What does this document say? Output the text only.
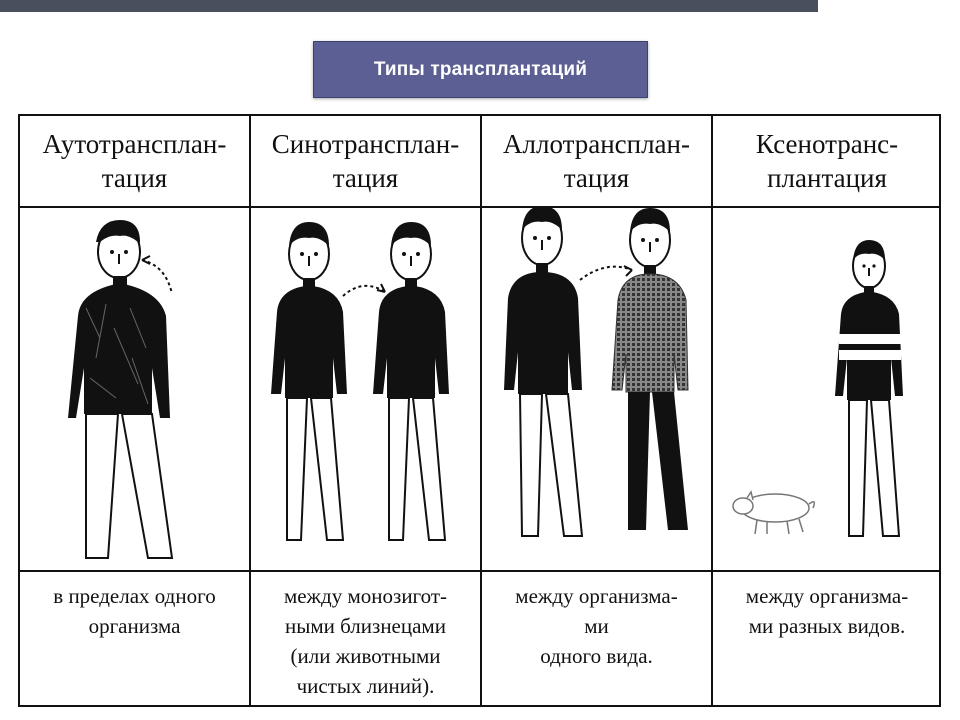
Типы трансплантаций
Аутотрансплан-
тация
в пределах одного
организма
Синотрансплан-
тация
между монозигот-
ными близнецами
(или животными
чистых линий).
Аллотрансплан-
тация
между организма-
ми
одного вида.
Ксенотранс-
плантация
между организма-
ми разных видов.
